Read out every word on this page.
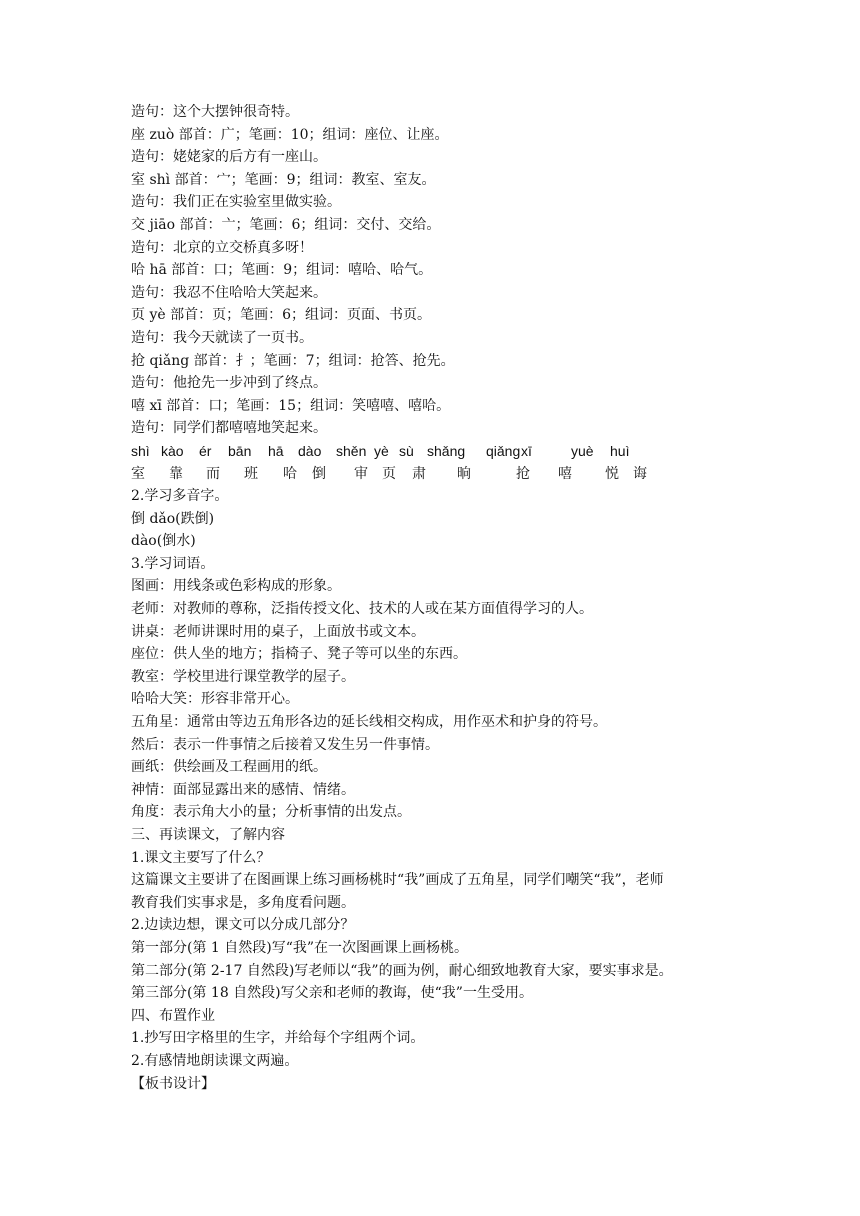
造句：这个大摆钟很奇特。
座 zuò 部首：广；笔画：10；组词：座位、让座。
造句：姥姥家的后方有一座山。
室 shì 部首：宀；笔画：9；组词：教室、室友。
造句：我们正在实验室里做实验。
交 jiāo 部首：亠；笔画：6；组词：交付、交给。
造句：北京的立交桥真多呀！
哈 hā 部首：口；笔画：9；组词：嘻哈、哈气。
造句：我忍不住哈哈大笑起来。
页 yè 部首：页；笔画：6；组词：页面、书页。
造句：我今天就读了一页书。
抢 qiǎng 部首：扌；笔画：7；组词：抢答、抢先。
造句：他抢先一步冲到了终点。
嘻 xī 部首：口；笔画：15；组词：笑嘻嘻、嘻哈。
造句：同学们都嘻嘻地笑起来。
shì kào ér bān hā dào shěn yè sù shǎng qiǎng xī	yuè huì
室 靠 而 班 哈 倒 审 页 肃 晌	抢 嘻 悦 诲
2.学习多音字。
倒 dǎo(跌倒)
dào(倒水)
3.学习词语。
图画：用线条或色彩构成的形象。
老师：对教师的尊称，泛指传授文化、技术的人或在某方面值得学习的人。
讲桌：老师讲课时用的桌子，上面放书或文本。
座位：供人坐的地方；指椅子、凳子等可以坐的东西。
教室：学校里进行课堂教学的屋子。
哈哈大笑：形容非常开心。
五角星：通常由等边五角形各边的延长线相交构成，用作巫术和护身的符号。
然后：表示一件事情之后接着又发生另一件事情。
画纸：供绘画及工程画用的纸。
神情：面部显露出来的感情、情绪。
角度：表示角大小的量；分析事情的出发点。
三、再读课文，了解内容
1.课文主要写了什么？
这篇课文主要讲了在图画课上练习画杨桃时“我”画成了五角星，同学们嘲笑“我”，老师
教育我们实事求是，多角度看问题。
2.边读边想，课文可以分成几部分？
第一部分(第 1 自然段)写“我”在一次图画课上画杨桃。
第二部分(第 2-17 自然段)写老师以“我”的画为例，耐心细致地教育大家，要实事求是。
第三部分(第 18 自然段)写父亲和老师的教诲，使“我”一生受用。
四、布置作业
1.抄写田字格里的生字，并给每个字组两个词。
2.有感情地朗读课文两遍。
【板书设计】
